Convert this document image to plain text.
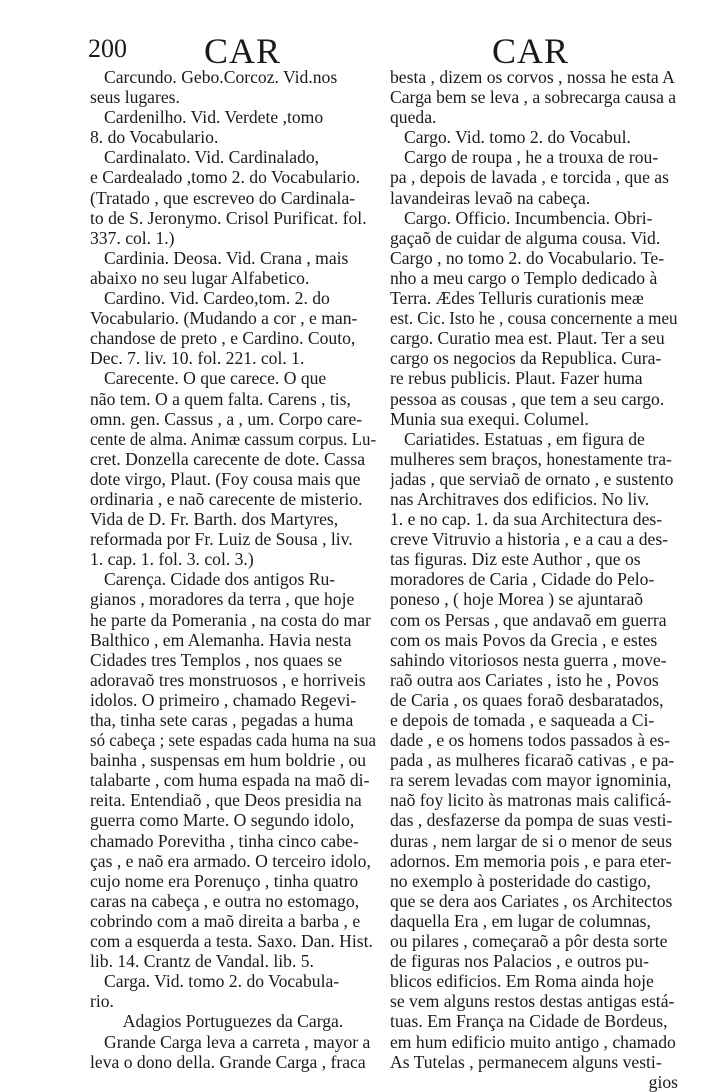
200 CAR	CAR
Carcundo. Gebo.Corcoz. Vid.nos
seus lugares.
Cardenilho. Vid. Verdete ,tomo
8. do Vocabulario.
Cardinalato. Vid. Cardinalado,
e Cardealado ,tomo 2. do Vocabulario.
(Tratado , que escreveo do Cardinala-
to de S. Jeronymo. Crisol Purificat. fol.
337. col. 1.)
Cardinia. Deosa. Vid. Crana , mais
abaixo no seu lugar Alfabetico.
Cardino. Vid. Cardeo,tom. 2. do
Vocabulario. (Mudando a cor , e man-
chandose de preto , e Cardino. Couto,
Dec. 7. liv. 10. fol. 221. col. 1.
Carecente. O que carece. O que
não tem. O a quem falta. Carens , tis,
omn. gen. Cassus , a , um. Corpo care-
cente de alma. Animæ cassum corpus. Lu-
cret. Donzella carecente de dote. Cassa
dote virgo, Plaut. (Foy cousa mais que
ordinaria , e naõ carecente de misterio.
Vida de D. Fr. Barth. dos Martyres,
reformada por Fr. Luiz de Sousa , liv.
1. cap. 1. fol. 3. col. 3.)
Carença. Cidade dos antigos Ru-
gianos , moradores da terra , que hoje
he parte da Pomerania , na costa do mar
Balthico , em Alemanha. Havia nesta
Cidades tres Templos , nos quaes se
adoravaõ tres monstruosos , e horriveis
idolos. O primeiro , chamado Regevi-
tha, tinha sete caras , pegadas a huma
só cabeça ; sete espadas cada huma na sua
bainha , suspensas em hum boldrie , ou
talabarte , com huma espada na maõ di-
reita. Entendiaõ , que Deos presidia na
guerra como Marte. O segundo idolo,
chamado Porevitha , tinha cinco cabe-
ças , e naõ era armado. O terceiro idolo,
cujo nome era Porenuço , tinha quatro
caras na cabeça , e outra no estomago,
cobrindo com a maõ direita a barba , e
com a esquerda a testa. Saxo. Dan. Hist.
lib. 14. Crantz de Vandal. lib. 5.
Carga. Vid. tomo 2. do Vocabula-
rio.
Adagios Portuguezes da Carga.
Grande Carga leva a carreta , mayor a
leva o dono della. Grande Carga , fraca
besta , dizem os corvos , nossa he esta A
Carga bem se leva , a sobrecarga causa a
queda.
Cargo. Vid. tomo 2. do Vocabul.
Cargo de roupa , he a trouxa de rou-
pa , depois de lavada , e torcida , que as
lavandeiras levaõ na cabeça.
Cargo. Officio. Incumbencia. Obri-
gaçaõ de cuidar de alguma cousa. Vid.
Cargo , no tomo 2. do Vocabulario. Te-
nho a meu cargo o Templo dedicado à
Terra. Ædes Telluris curationis meæ
est. Cic. Isto he , cousa concernente a meu
cargo. Curatio mea est. Plaut. Ter a seu
cargo os negocios da Republica. Cura-
re rebus publicis. Plaut. Fazer huma
pessoa as cousas , que tem a seu cargo.
Munia sua exequi. Columel.
Cariatides. Estatuas , em figura de
mulheres sem braços, honestamente tra-
jadas , que serviaõ de ornato , e sustento
nas Architraves dos edificios. No liv.
1. e no cap. 1. da sua Architectura des-
creve Vitruvio a historia , e a cau a des-
tas figuras. Diz este Author , que os
moradores de Caria , Cidade do Pelo-
poneso , ( hoje Morea ) se ajuntaraõ
com os Persas , que andavaõ em guerra
com os mais Povos da Grecia , e estes
sahindo vitoriosos nesta guerra , move-
raõ outra aos Cariates , isto he , Povos
de Caria , os quaes foraõ desbaratados,
e depois de tomada , e saqueada a Ci-
dade , e os homens todos passados à es-
pada , as mulheres ficaraõ cativas , e pa-
ra serem levadas com mayor ignominia,
naõ foy licito às matronas mais calificá-
das , desfazerse da pompa de suas vesti-
duras , nem largar de si o menor de seus
adornos. Em memoria pois , e para eter-
no exemplo à posteridade do castigo,
que se dera aos Cariates , os Architectos
daquella Era , em lugar de columnas,
ou pilares , começaraõ a pôr desta sorte
de figuras nos Palacios , e outros pu-
blicos edificios. Em Roma ainda hoje
se vem alguns restos destas antigas está-
tuas. Em França na Cidade de Bordeus,
em hum edificio muito antigo , chamado
As Tutelas , permanecem alguns vesti-
gios
